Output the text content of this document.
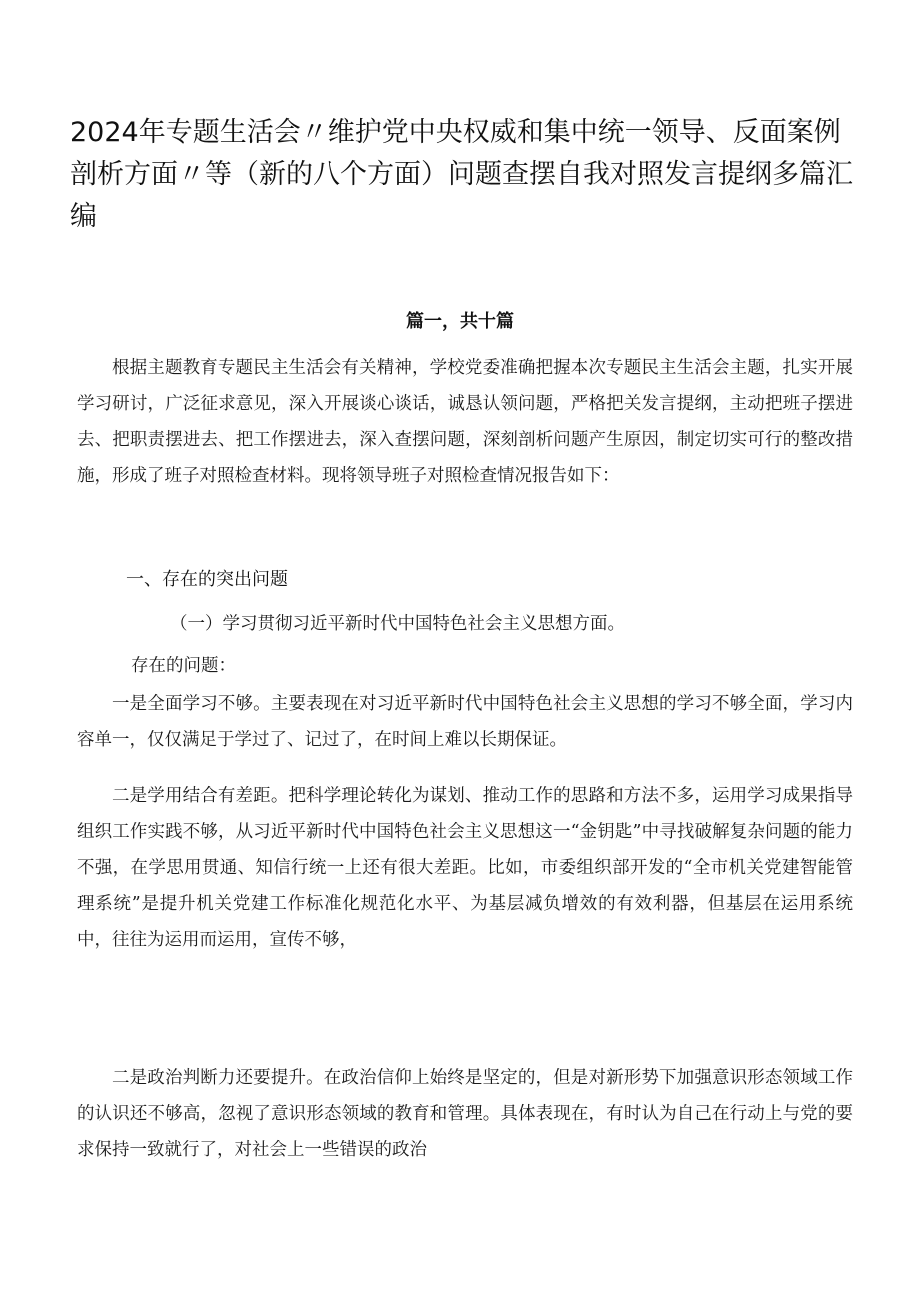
2024年专题生活会〃维护党中央权威和集中统一领导、反面案例剖析方面〃等（新的八个方面）问题查摆自我对照发言提纲多篇汇编
篇一，共十篇

根据主题教育专题民主生活会有关精神，学校党委准确把握本次专题民主生活会主题，扎实开展学习研讨，广泛征求意见，深入开展谈心谈话，诚恳认领问题，严格把关发言提纲，主动把班子摆进去、把职责摆进去、把工作摆进去，深入查摆问题，深刻剖析问题产生原因，制定切实可行的整改措施，形成了班子对照检查材料。现将领导班子对照检查情况报告如下：

一、存在的突出问题
（一）学习贯彻习近平新时代中国特色社会主义思想方面。
存在的问题：

一是全面学习不够。主要表现在对习近平新时代中国特色社会主义思想的学习不够全面，学习内容单一，仅仅满足于学过了、记过了，在时间上难以长期保证。

二是学用结合有差距。把科学理论转化为谋划、推动工作的思路和方法不多，运用学习成果指导组织工作实践不够，从习近平新时代中国特色社会主义思想这一“金钥匙”中寻找破解复杂问题的能力不强，在学思用贯通、知信行统一上还有很大差距。比如，市委组织部开发的“全市机关党建智能管理系统”是提升机关党建工作标准化规范化水平、为基层减负增效的有效利器，但基层在运用系统中，往往为运用而运用，宣传不够，

二是政治判断力还要提升。在政治信仰上始终是坚定的，但是对新形势下加强意识形态领域工作的认识还不够高，忽视了意识形态领域的教育和管理。具体表现在，有时认为自己在行动上与党的要求保持一致就行了，对社会上一些错误的政治
